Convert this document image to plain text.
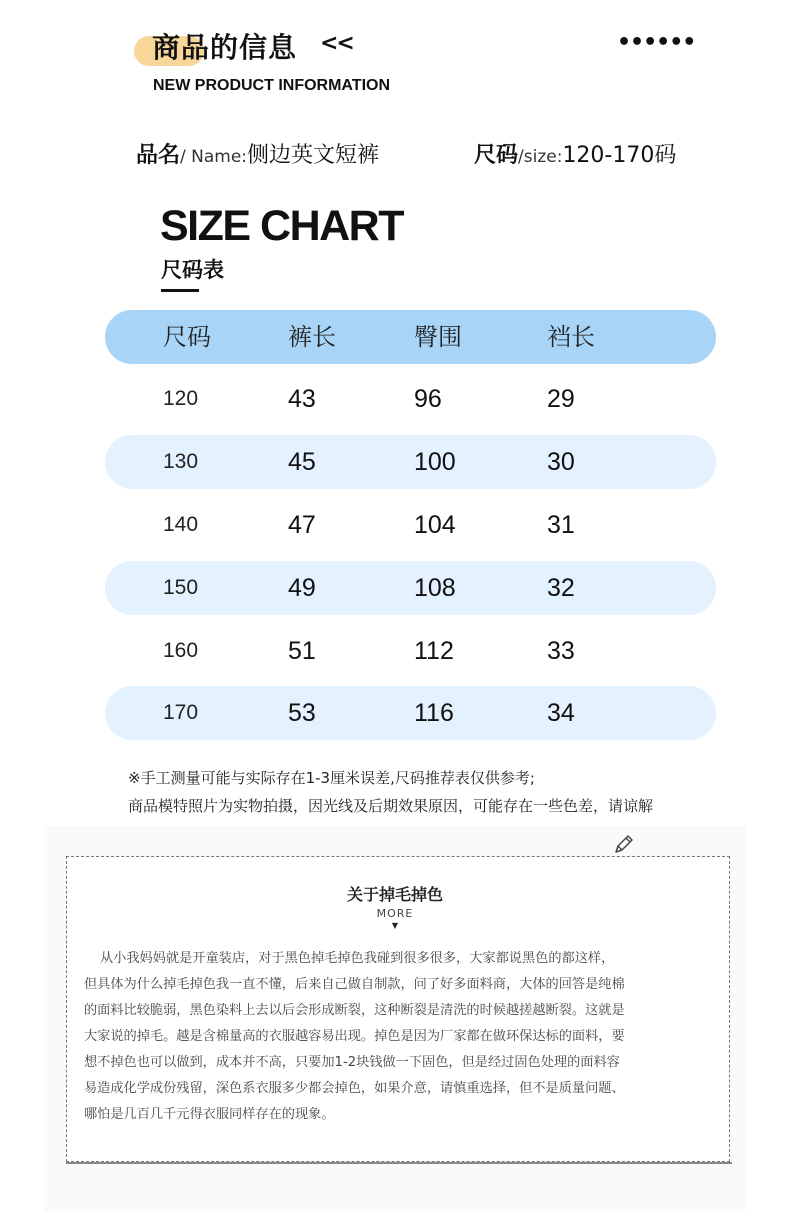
商品的信息 <<
NEW PRODUCT INFORMATION
••••••
品名/ Name:侧边英文短裤	尺码/size:120-170码
SIZE CHART
尺码表
尺码	裤长	臀围	裆长
120	43	96	29
130	45	100	30
140	47	104	31
150	49	108	32
160	51	112	33
170	53	116	34
※手工测量可能与实际存在1-3厘米误差,尺码推荐表仅供参考;
商品模特照片为实物拍摄，因光线及后期效果原因，可能存在一些色差，请谅解
关于掉毛掉色
MORE
▼
从小我妈妈就是开童装店，对于黑色掉毛掉色我碰到很多很多，大家都说黑色的都这样，
但具体为什么掉毛掉色我一直不懂，后来自己做自制款，问了好多面料商，大体的回答是纯棉
的面料比较脆弱，黑色染料上去以后会形成断裂，这种断裂是清洗的时候越搓越断裂。这就是
大家说的掉毛。越是含棉量高的衣服越容易出现。掉色是因为厂家都在做环保达标的面料，要
想不掉色也可以做到，成本并不高，只要加1-2块钱做一下固色，但是经过固色处理的面料容
易造成化学成份残留，深色系衣服多少都会掉色，如果介意，请慎重选择，但不是质量问题、
哪怕是几百几千元得衣服同样存在的现象。
